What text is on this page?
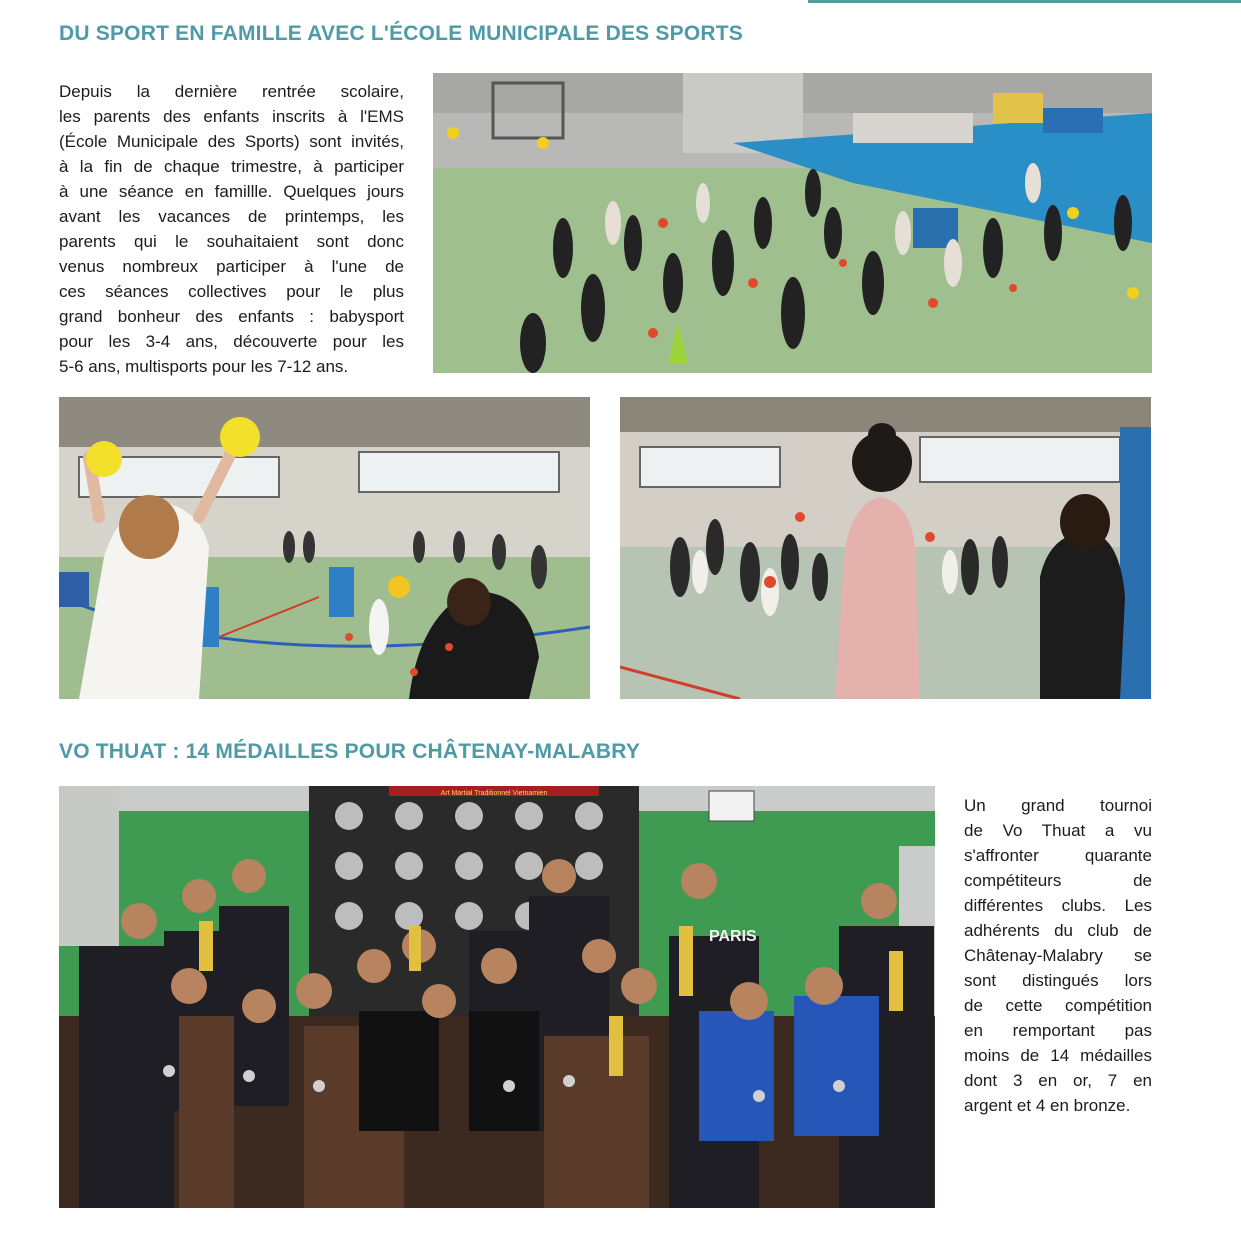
DU SPORT EN FAMILLE AVEC L'ÉCOLE MUNICIPALE DES SPORTS
Depuis la dernière rentrée scolaire,
les parents des enfants inscrits à l'EMS
(École Municipale des Sports) sont invités,
à la fin de chaque trimestre, à participer
à une séance en famillle. Quelques jours
avant les vacances de printemps, les
parents qui le souhaitaient sont donc
venus nombreux participer à l'une de
ces séances collectives pour le plus
grand bonheur des enfants : babysport
pour les 3-4 ans, découverte pour les
5-6 ans, multisports pour les 7-12 ans.
VO THUAT : 14 MÉDAILLES POUR CHÂTENAY-MALABRY
Art Martial Traditionnel Vietnamien
PARIS
Un grand tournoi
de Vo Thuat a vu
s'affronter quarante
compétiteurs de
différentes clubs. Les
adhérents du club de
Châtenay-Malabry se
sont distingués lors
de cette compétition
en remportant pas
moins de 14 médailles
dont 3 en or, 7 en
argent et 4 en bronze.
